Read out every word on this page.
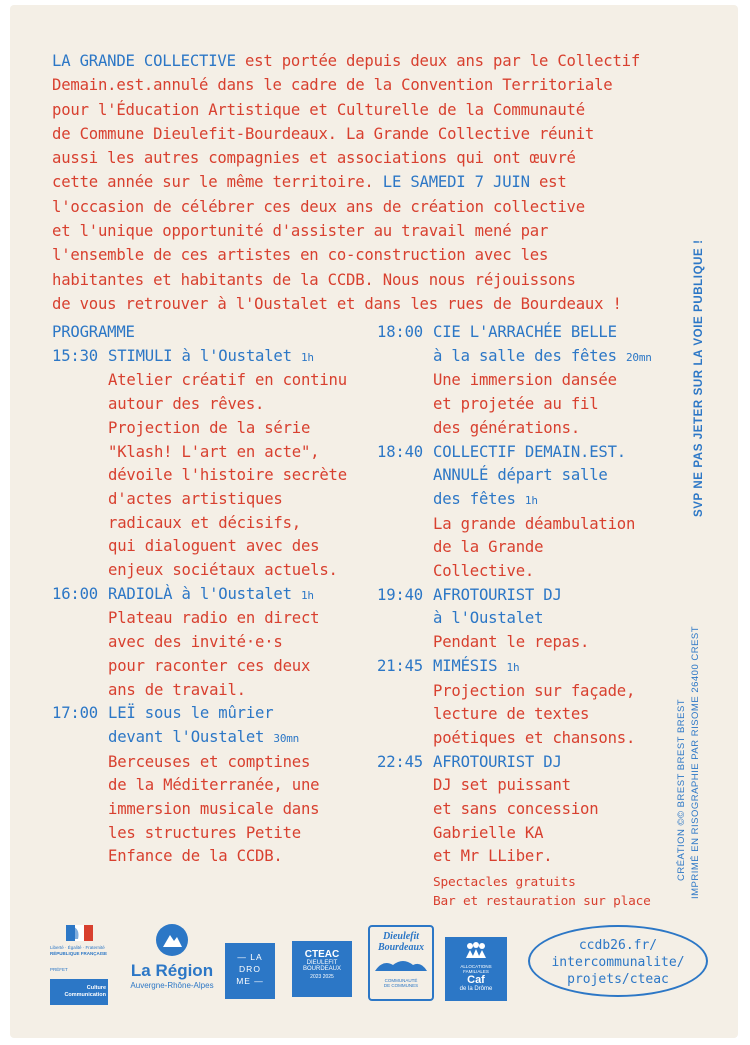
LA GRANDE COLLECTIVE est portée depuis deux ans par le Collectif

Demain.est.annulé dans le cadre de la Convention Territoriale

pour l'Éducation Artistique et Culturelle de la Communauté

de Commune Dieulefit-Bourdeaux. La Grande Collective réunit

aussi les autres compagnies et associations qui ont œuvré

cette année sur le même territoire. LE SAMEDI 7 JUIN est

l'occasion de célébrer ces deux ans de création collective

et l'unique opportunité d'assister au travail mené par

l'ensemble de ces artistes en co-construction avec les

habitantes et habitants de la CCDB. Nous nous réjouissons

de vous retrouver à l'Oustalet et dans les rues de Bourdeaux !

PROGRAMME
15:30 STIMULI à l'Oustalet 1h
Atelier créatif en continu
autour des rêves.
Projection de la série
"Klash! L'art en acte",
dévoile l'histoire secrète
d'actes artistiques
radicaux et décisifs,
qui dialoguent avec des
enjeux sociétaux actuels.
16:00 RADIOLÀ à l'Oustalet 1h
Plateau radio en direct
avec des invité·e·s
pour raconter ces deux
ans de travail.
17:00 LEÏ sous le mûrier
devant l'Oustalet 30mn
Berceuses et comptines
de la Méditerranée, une
immersion musicale dans
les structures Petite
Enfance de la CCDB.
18:00 CIE L'ARRACHÉE BELLE
à la salle des fêtes 20mn
Une immersion dansée
et projetée au fil
des générations.
18:40 COLLECTIF DEMAIN.EST.
ANNULÉ départ salle
des fêtes 1h
La grande déambulation
de la Grande
Collective.
19:40 AFROTOURIST DJ
à l'Oustalet
Pendant le repas.
21:45 MIMÉSIS 1h
Projection sur façade,
lecture de textes
poétiques et chansons.
22:45 AFROTOURIST DJ
DJ set puissant
et sans concession
Gabrielle KA
et Mr LLiber.
Spectacles gratuits
Bar et restauration sur place
SVP NE PAS JETER SUR LA VOIE PUBLIQUE !
CRÉATION ©© BREST BREST BREST IMPRIMÉ EN RISOGRAPHIE PAR RISOME 26400 CREST
Liberté · Égalité · Fraternité
RÉPUBLIQUE FRANÇAISE
PRÉFET
Culture
Communication
La Région
Auvergne-Rhône-Alpes
— LA
DRO
ME —
CTEAC
DIEULEFIT
BOURDEAUX
2023 2025
Dieulefit
Bourdeaux
COMMUNAUTÉ
DE COMMUNES
ALLOCATIONS
FAMILIALES
Caf
de la Drôme
ccdb26.fr/
intercommunalite/
projets/cteac
